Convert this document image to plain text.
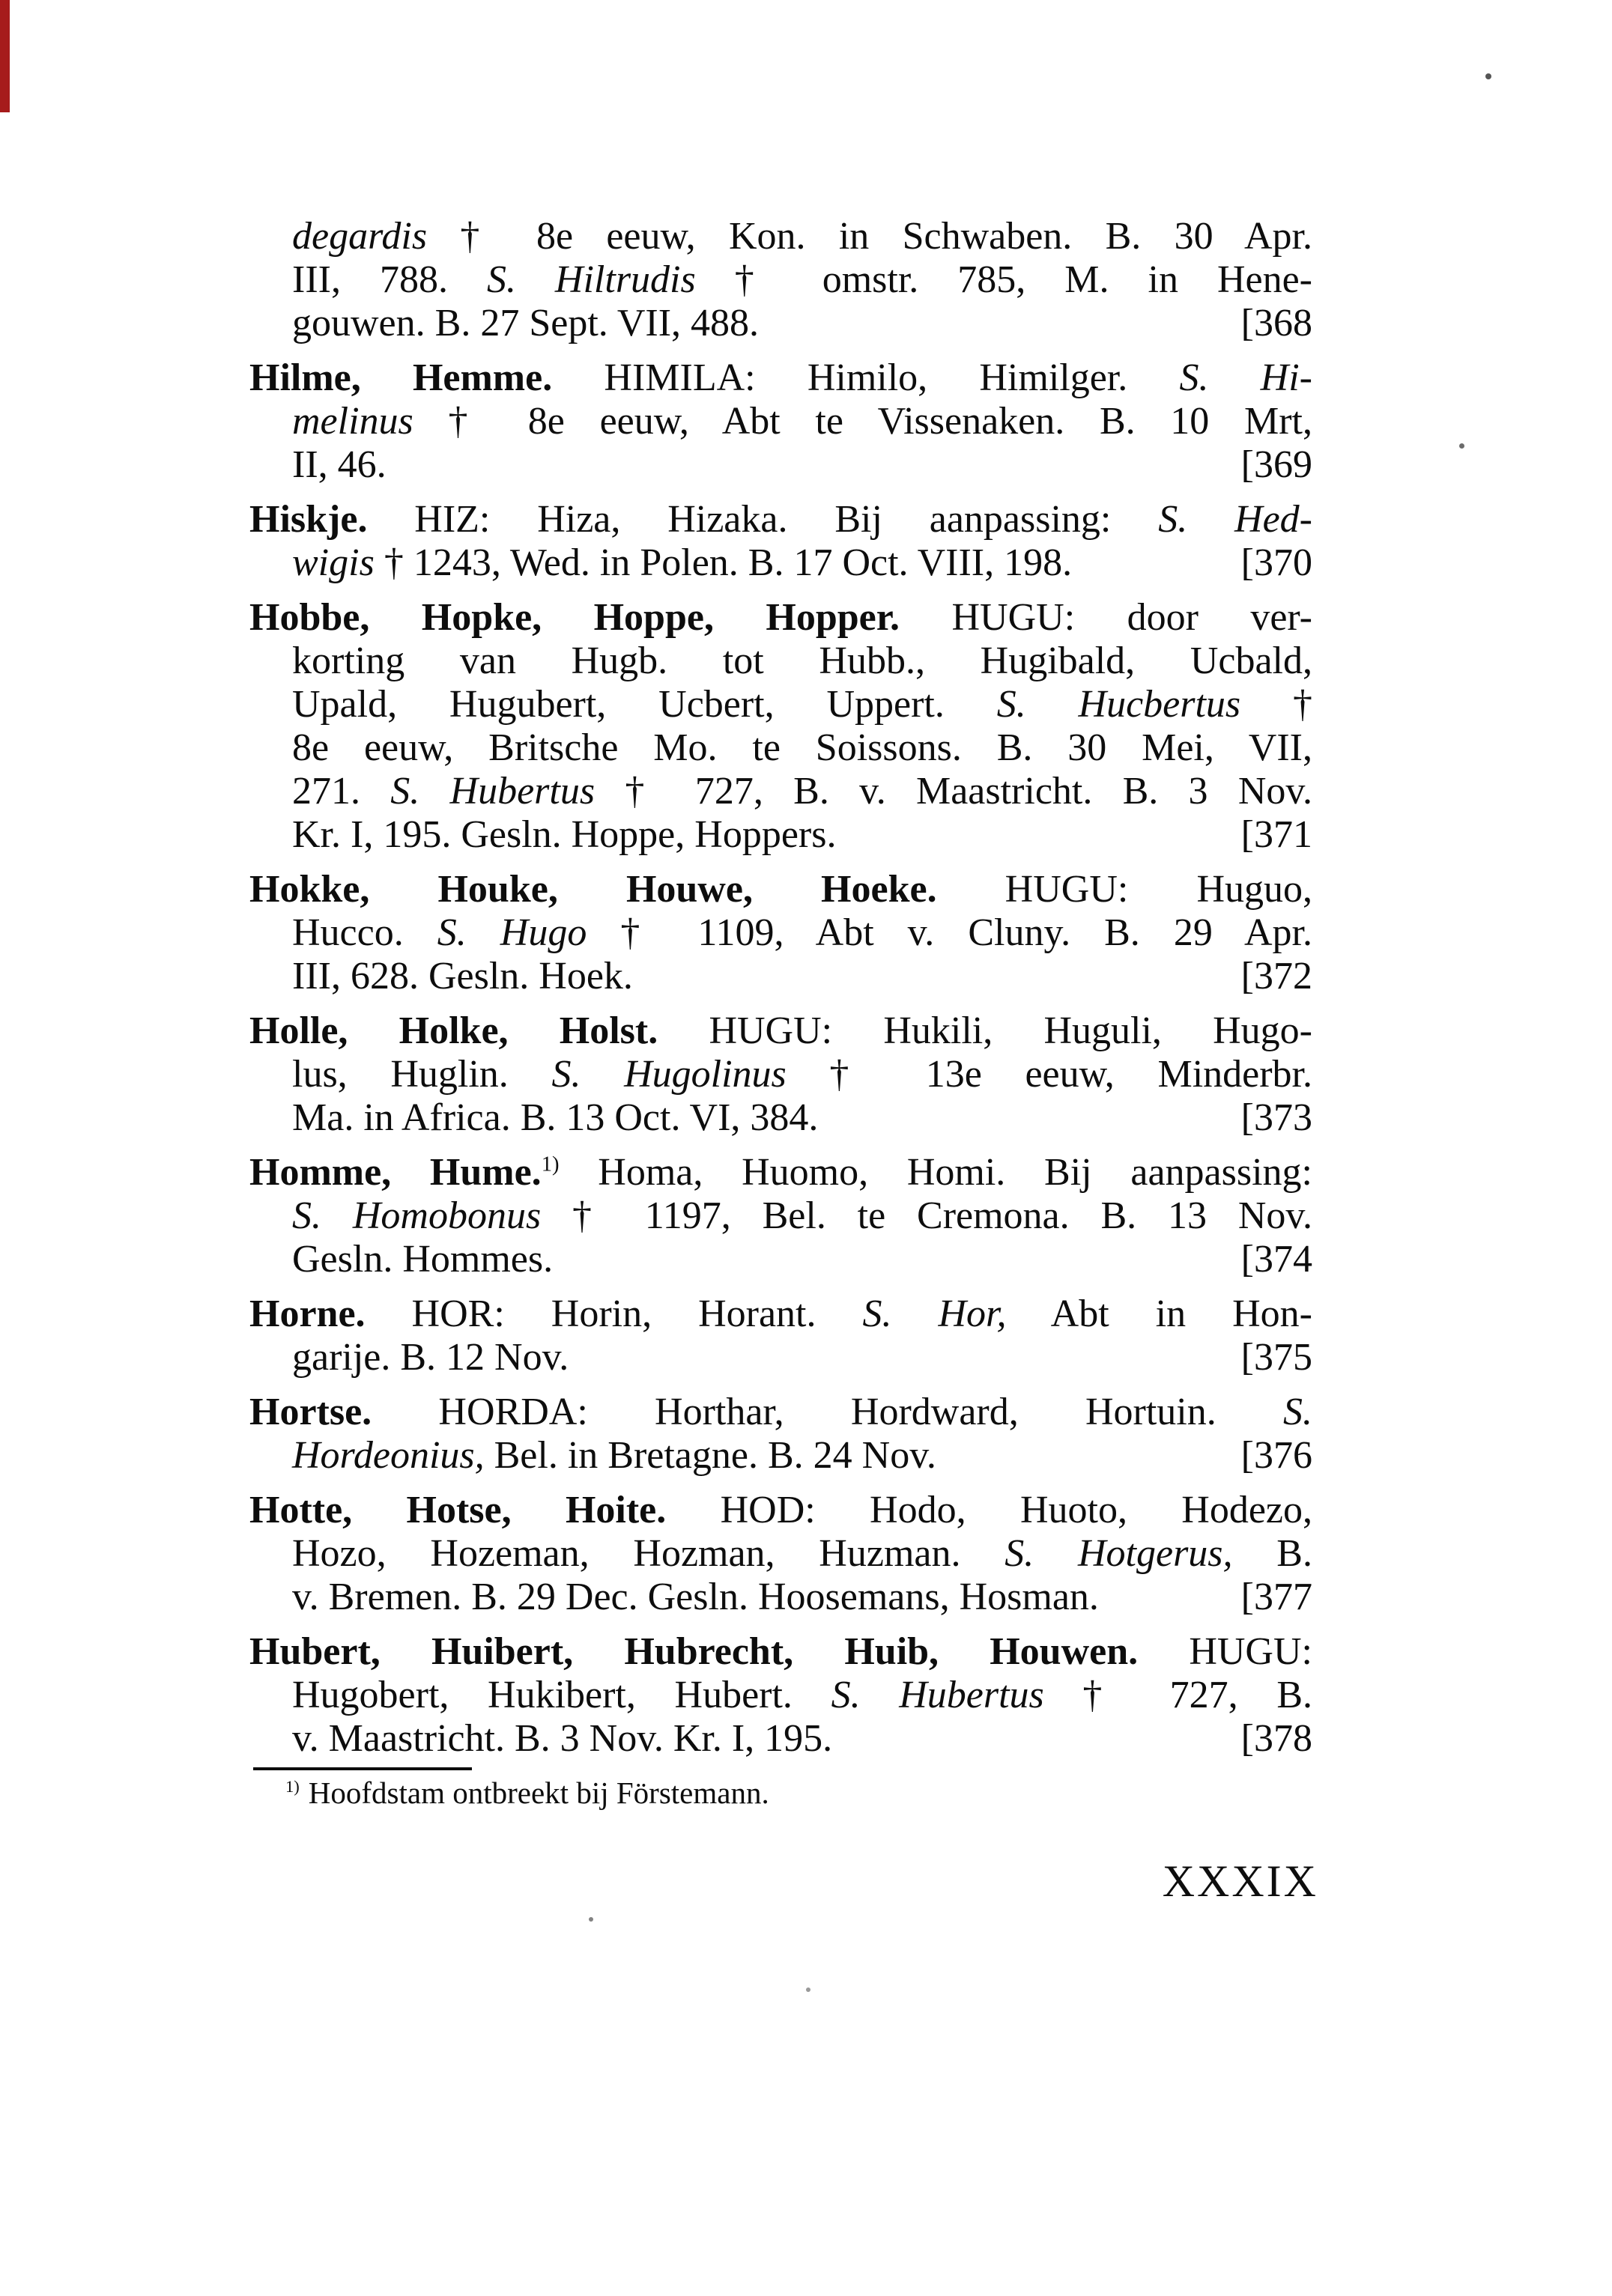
degardis † 8e eeuw, Kon. in Schwaben. B. 30 Apr.
III, 788. S. Hiltrudis † omstr. 785, M. in Hene-
gouwen. B. 27 Sept. VII, 488.	[368
Hilme, Hemme. HIMILA: Himilo, Himilger. S. Hi-
melinus † 8e eeuw, Abt te Vissenaken. B. 10 Mrt,
II, 46.	[369
Hiskje. HIZ: Hiza, Hizaka. Bij aanpassing: S. Hed-
wigis † 1243, Wed. in Polen. B. 17 Oct. VIII, 198.	[370
Hobbe, Hopke, Hoppe, Hopper. HUGU: door ver-
korting van Hugb. tot Hubb., Hugibald, Ucbald,
Upald, Hugubert, Ucbert, Uppert. S. Hucbertus †
8e eeuw, Britsche Mo. te Soissons. B. 30 Mei, VII,
271. S. Hubertus † 727, B. v. Maastricht. B. 3 Nov.
Kr. I, 195. Gesln. Hoppe, Hoppers.	[371
Hokke, Houke, Houwe, Hoeke. HUGU: Huguo,
Hucco. S. Hugo † 1109, Abt v. Cluny. B. 29 Apr.
III, 628. Gesln. Hoek.	[372
Holle, Holke, Holst. HUGU: Hukili, Huguli, Hugo-
lus, Huglin. S. Hugolinus † 13e eeuw, Minderbr.
Ma. in Africa. B. 13 Oct. VI, 384.	[373
Homme, Hume.$^{1)}$ Homa, Huomo, Homi. Bij aanpassing:
S. Homobonus † 1197, Bel. te Cremona. B. 13 Nov.
Gesln. Hommes.	[374
Horne. HOR: Horin, Horant. S. Hor, Abt in Hon-
garije. B. 12 Nov.	[375
Hortse. HORDA: Horthar, Hordward, Hortuin. S.
Hordeonius, Bel. in Bretagne. B. 24 Nov.	[376
Hotte, Hotse, Hoite. HOD: Hodo, Huoto, Hodezo,
Hozo, Hozeman, Hozman, Huzman. S. Hotgerus, B.
v. Bremen. B. 29 Dec. Gesln. Hoosemans, Hosman.	[377
Hubert, Huibert, Hubrecht, Huib, Houwen. HUGU:
Hugobert, Hukibert, Hubert. S. Hubertus † 727, B.
v. Maastricht. B. 3 Nov. Kr. I, 195.	[378
$^{1)}$ Hoofdstam ontbreekt bij Förstemann.
XXXIX
